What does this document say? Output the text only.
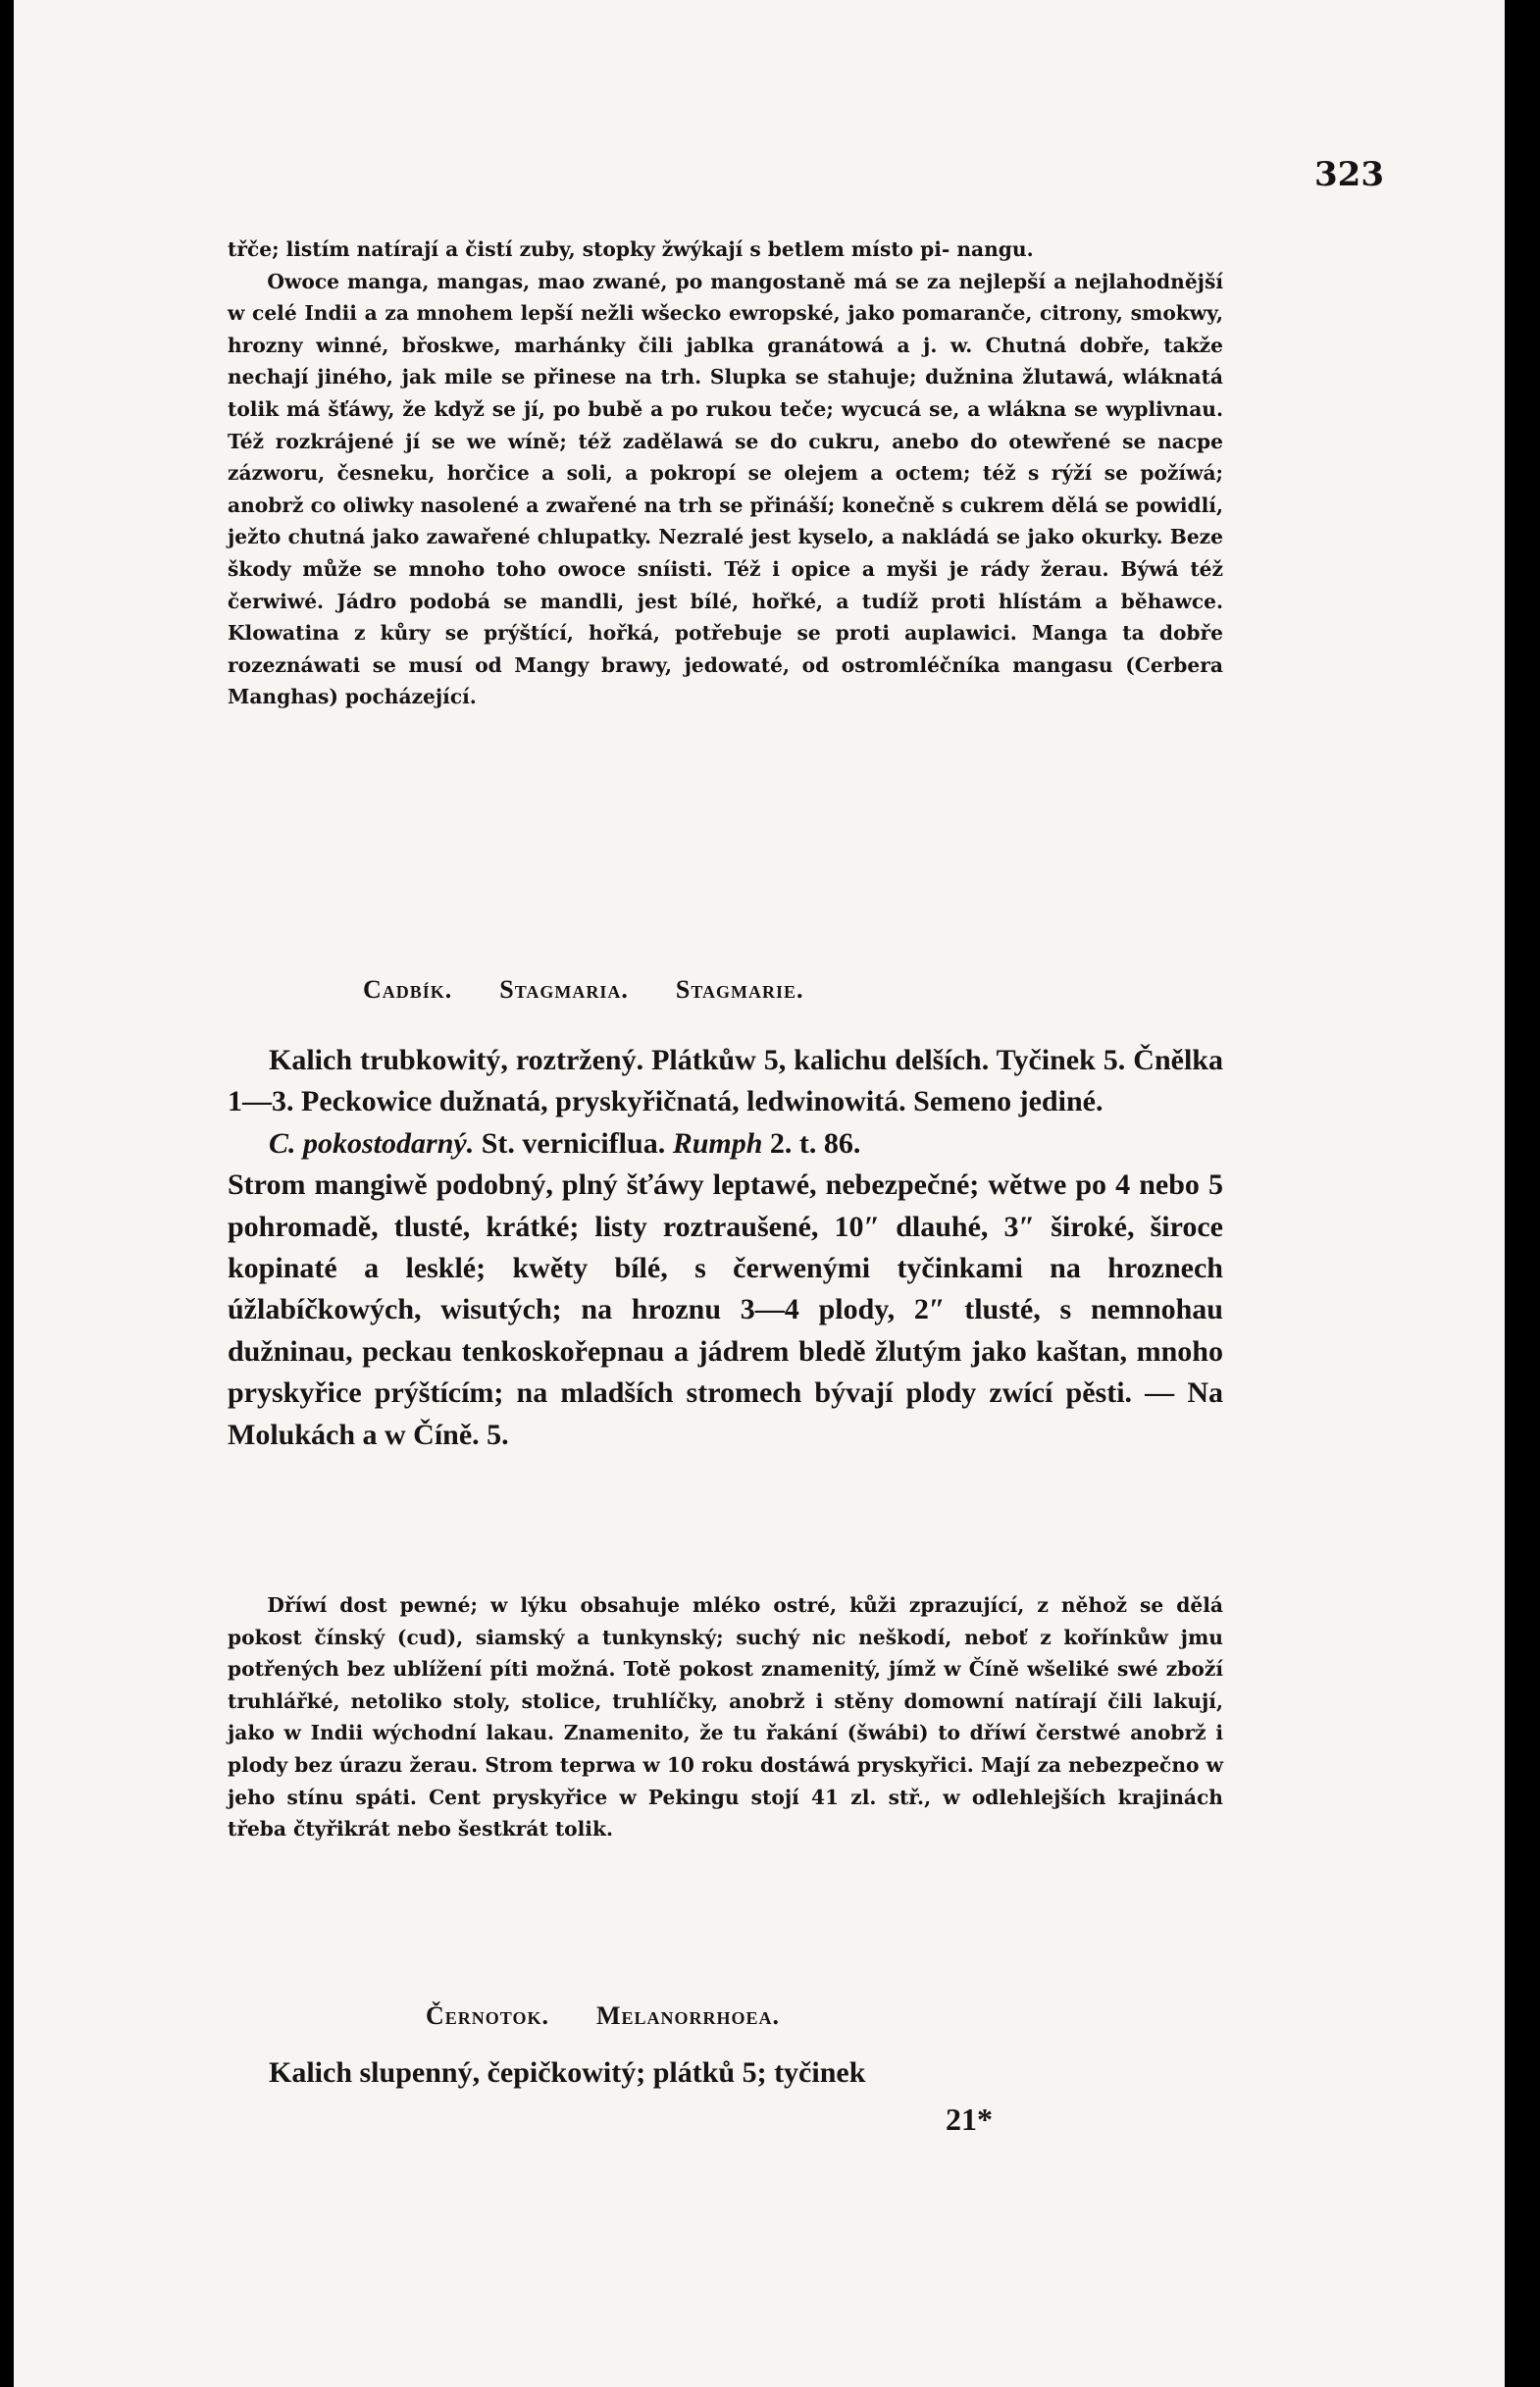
323

třče; listím natírají a čistí zuby, stopky žwýkají s betlem místo pi- nangu.

Owoce manga, mangas, mao zwané, po mangostaně má se za nejlepší a nejlahodnější w celé Indii a za mnohem lepší nežli wšecko ewropské, jako pomaranče, citrony, smokwy, hrozny winné, břoskwe, marhánky čili jablka granátowá a j. w. Chutná dobře, takže nechají jiného, jak mile se přinese na trh. Slupka se stahuje; dužnina žlutawá, wláknatá tolik má šťáwy, že když se jí, po bubě a po rukou teče; wycucá se, a wlákna se wyplivnau. Též rozkrájené jí se we wíně; též zadělawá se do cukru, anebo do otewřené se nacpe zázworu, česneku, horčice a soli, a pokropí se olejem a octem; též s rýží se požíwá; anobrž co oliwky nasolené a zwařené na trh se přináší; konečně s cukrem dělá se powidlí, ježto chutná jako zawařené chlupatky. Nezralé jest kyselo, a nakládá se jako okurky. Beze škody může se mnoho toho owoce sníisti. Též i opice a myši je rády žerau. Býwá též čerwiwé. Jádro podobá se mandli, jest bílé, hořké, a tudíž proti hlístám a běhawce. Klowatina z kůry se prýštící, hořká, potřebuje se proti auplawici. Manga ta dobře rozeznáwati se musí od Mangy brawy, jedowaté, od ostromléčníka mangasu (Cerbera Manghas) pocházející.

Cadbík. Stagmaria. Stagmarie.

Kalich trubkowitý, roztržený. Plátkůw 5, kalichu delších. Tyčinek 5. Čnělka 1—3. Peckowice dužnatá, pryskyřičnatá, ledwinowitá. Semeno jediné.

C. pokostodarný. St. verniciflua. Rumph 2. t. 86.

Strom mangiwě podobný, plný šťáwy leptawé, nebezpečné; wětwe po 4 nebo 5 pohromadě, tlusté, krátké; listy roztraušené, 10″ dlauhé, 3″ široké, široce kopinaté a lesklé; kwěty bílé, s čerwenými tyčinkami na hroznech úžlabíčkowých, wisutých; na hroznu 3—4 plody, 2″ tlusté, s nemnohau dužninau, peckau tenkoskořepnau a jádrem bledě žlutým jako kaštan, mnoho pryskyřice prýštícím; na mladších stromech bývají plody zwící pěsti. — Na Molukách a w Číně. 5.

Dříwí dost pewné; w lýku obsahuje mléko ostré, kůži zprazující, z něhož se dělá pokost čínský (cud), siamský a tunkynský; suchý nic neškodí, neboť z kořínkůw jmu potřených bez ublížení píti možná. Totě pokost znamenitý, jímž w Číně wšeliké swé zboží truhlářké, netoliko stoly, stolice, truhlíčky, anobrž i stěny domowní natírají čili lakují, jako w Indii wýchodní lakau. Znamenito, že tu řakání (šwábi) to dříwí čerstwé anobrž i plody bez úrazu žerau. Strom teprwa w 10 roku dostáwá pryskyřici. Mají za nebezpečno w jeho stínu spáti. Cent pryskyřice w Pekingu stojí 41 zl. stř., w odlehlejších krajinách třeba čtyřikrát nebo šestkrát tolik.

Černotok. Melanorrhoea.

Kalich slupenný, čepičkowitý; plátků 5; tyčinek

21*
